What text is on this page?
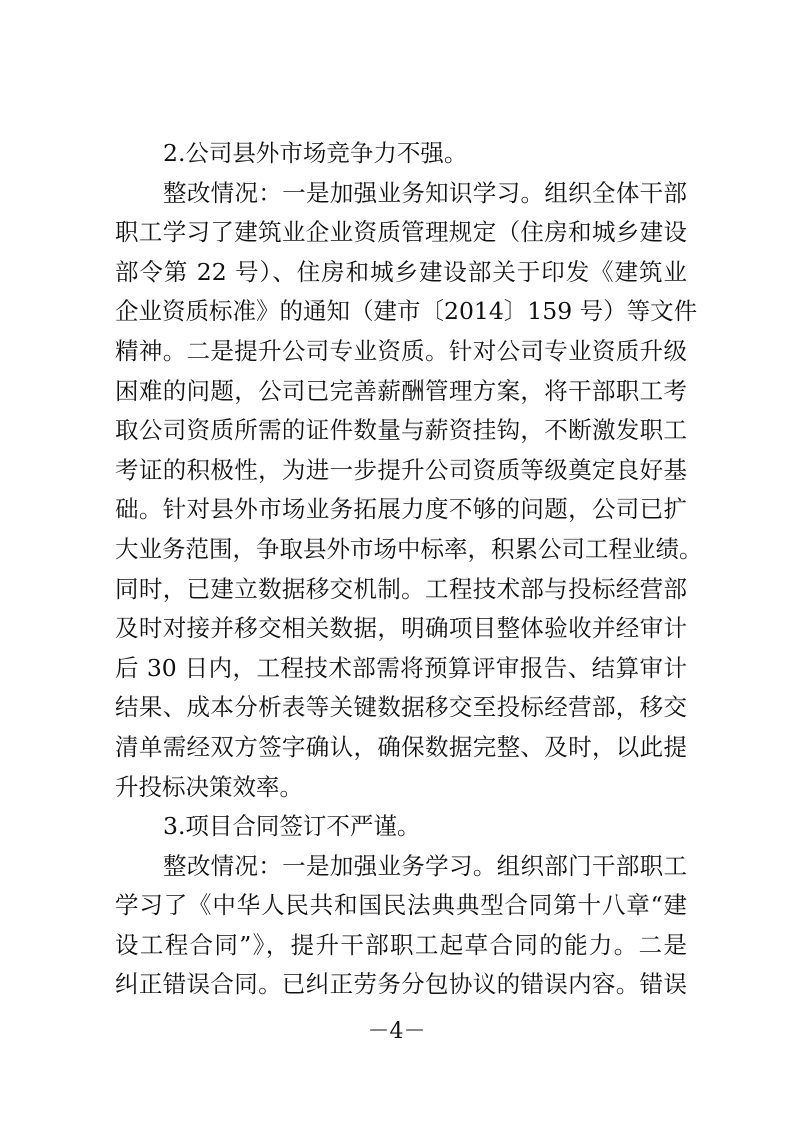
2.公司县外市场竞争力不强。
整改情况：一是加强业务知识学习。组织全体干部
职工学习了建筑业企业资质管理规定（住房和城乡建设
部令第 22 号）、住房和城乡建设部关于印发《建筑业
企业资质标准》的通知（建市〔2014〕159 号）等文件
精神。二是提升公司专业资质。针对公司专业资质升级
困难的问题，公司已完善薪酬管理方案，将干部职工考
取公司资质所需的证件数量与薪资挂钩，不断激发职工
考证的积极性，为进一步提升公司资质等级奠定良好基
础。针对县外市场业务拓展力度不够的问题，公司已扩
大业务范围，争取县外市场中标率，积累公司工程业绩。
同时，已建立数据移交机制。工程技术部与投标经营部
及时对接并移交相关数据，明确项目整体验收并经审计
后 30 日内，工程技术部需将预算评审报告、结算审计
结果、成本分析表等关键数据移交至投标经营部，移交
清单需经双方签字确认，确保数据完整、及时，以此提
升投标决策效率。
3.项目合同签订不严谨。
整改情况：一是加强业务学习。组织部门干部职工
学习了《中华人民共和国民法典典型合同第十八章“建
设工程合同”》，提升干部职工起草合同的能力。二是
纠正错误合同。已纠正劳务分包协议的错误内容。错误
－4－
